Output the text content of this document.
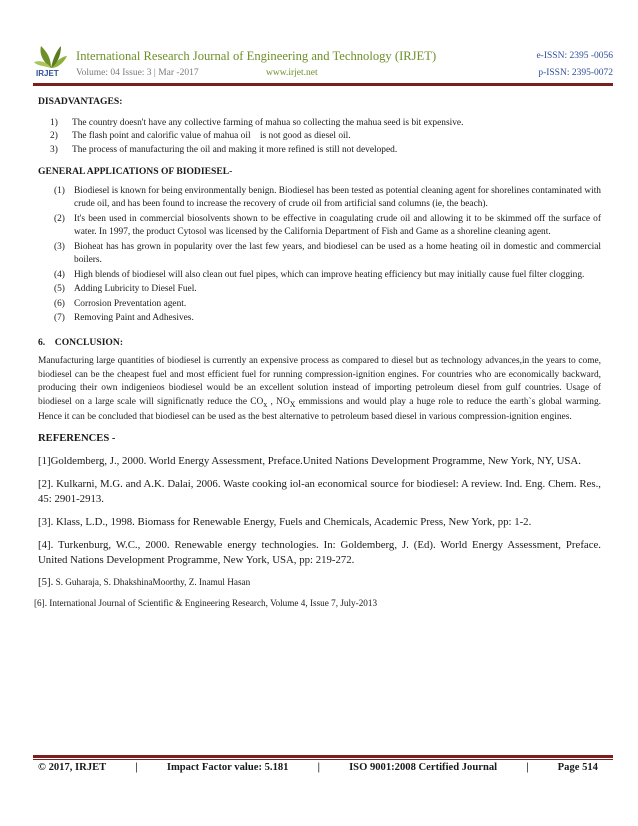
IRJET
International Research Journal of Engineering and Technology (IRJET)
Volume: 04 Issue: 3 | Mar -2017	www.irjet.net
e-ISSN: 2395 -0056
p-ISSN: 2395-0072

DISADVANTAGES:

1)	The country doesn't have any collective farming of mahua so collecting the mahua seed is bit expensive.
2)	The flash point and calorific value of mahua oil    is not good as diesel oil.
3)	The process of manufacturing the oil and making it more refined is still not developed.

GENERAL APPLICATIONS OF BIODIESEL-

(1) Biodiesel is known for being environmentally benign. Biodiesel has been tested as potential cleaning agent for shorelines contaminated with crude oil, and has been found to increase the recovery of crude oil from artificial sand columns (ie, the beach).
(2) It's been used in commercial biosolvents shown to be effective in coagulating crude oil and allowing it to be skimmed off the surface of water. In 1997, the product Cytosol was licensed by the California Department of Fish and Game as a shoreline cleaning agent.
(3) Bioheat has has grown in popularity over the last few years, and biodiesel can be used as a home heating oil in domestic and commercial boilers.
(4) High blends of biodiesel will also clean out fuel pipes, which can improve heating efficiency but may initially cause fuel filter clogging.
(5) Adding Lubricity to Diesel Fuel.
(6) Corrosion Preventation agent.
(7) Removing Paint and Adhesives.

6.    CONCLUSION:

Manufacturing large quantities of biodiesel is currently an expensive process as compared to diesel but as technology advances,in the years to come, biodiesel can be the cheapest fuel and most efficient fuel for running compression-ignition engines. For countries who are economically backward, producing their own indigenieos biodiesel would be an excellent solution instead of importing petroleum diesel from gulf countries. Usage of biodiesel on a large scale will significnatly reduce the $CO_x$ , $NO_X$ emmissions and would play a huge role to reduce the earth`s global warming. Hence it can be concluded that biodiesel can be used as the best alternative to petroleum based diesel in various compression-ignition engines.

REFERENCES -

[1]Goldemberg, J., 2000. World Energy Assessment, Preface.United Nations Development Programme, New York, NY, USA.

[2]. Kulkarni, M.G. and A.K. Dalai, 2006. Waste cooking iol-an economical source for biodiesel: A review. Ind. Eng. Chem. Res., 45: 2901-2913.

[3]. Klass, L.D., 1998. Biomass for Renewable Energy, Fuels and Chemicals, Academic Press, New York, pp: 1-2.

[4]. Turkenburg, W.C., 2000. Renewable energy technologies. In: Goldemberg, J. (Ed). World Energy Assessment, Preface. United Nations Development Programme, New York, USA, pp: 219-272.

[5]. S. Guharaja, S. DhakshinaMoorthy, Z. Inamul Hasan

[6]. International Journal of Scientific & Engineering Research, Volume 4, Issue 7, July-2013

© 2017, IRJET	|	Impact Factor value: 5.181	|	ISO 9001:2008 Certified Journal	|	Page 514
